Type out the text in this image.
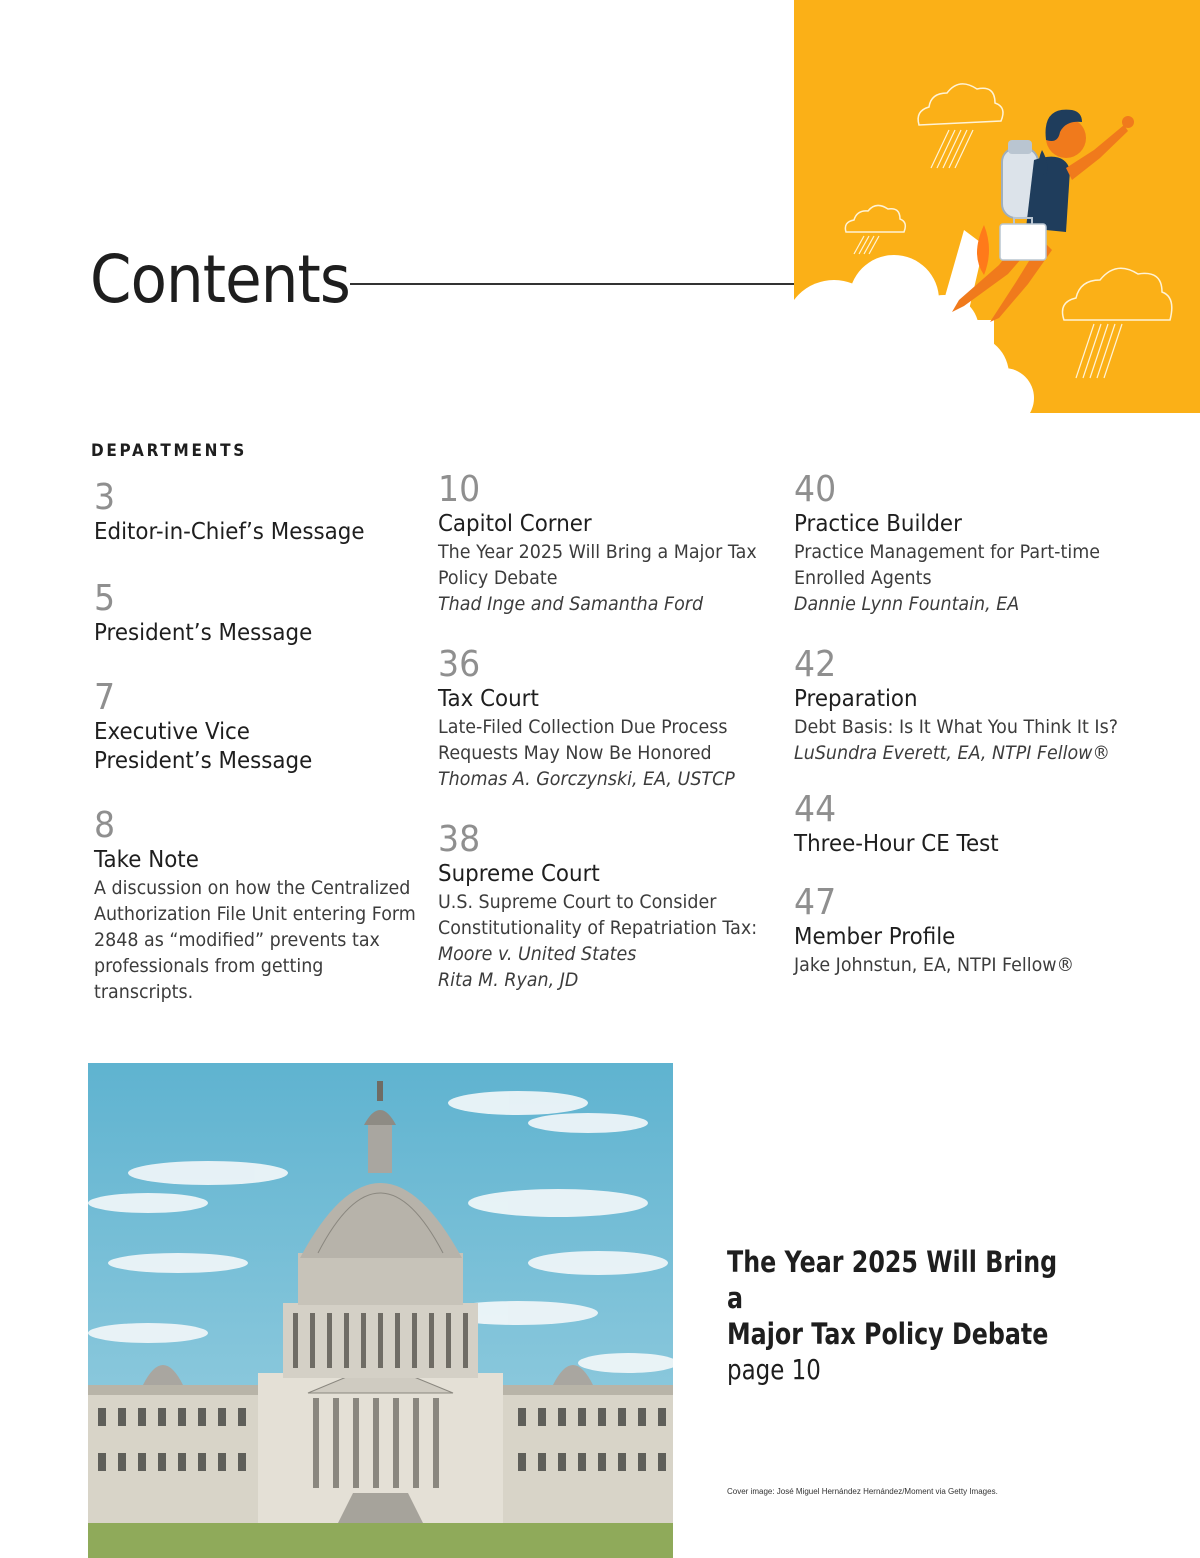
Contents
DEPARTMENTS
3
Editor-in-Chief’s Message
5
President’s Message
7
Executive Vice President’s Message
8
Take Note
A discussion on how the Centralized Authorization File Unit entering Form 2848 as “modified” prevents tax professionals from getting transcripts.
10
Capitol Corner
The Year 2025 Will Bring a Major Tax Policy Debate
Thad Inge and Samantha Ford
36
Tax Court
Late-Filed Collection Due Process Requests May Now Be Honored
Thomas A. Gorczynski, EA, USTCP
38
Supreme Court
U.S. Supreme Court to Consider Constitutionality of Repatriation Tax:
Moore v. United States
Rita M. Ryan, JD
40
Practice Builder
Practice Management for Part-time Enrolled Agents
Dannie Lynn Fountain, EA
42
Preparation
Debt Basis: Is It What You Think It Is?
LuSundra Everett, EA, NTPI Fellow®
44
Three-Hour CE Test
47
Member Profile
Jake Johnstun, EA, NTPI Fellow®
The Year 2025 Will Bring a
Major Tax Policy Debate
page 10
Cover image: José Miguel Hernández Hernández/Moment via Getty Images.
